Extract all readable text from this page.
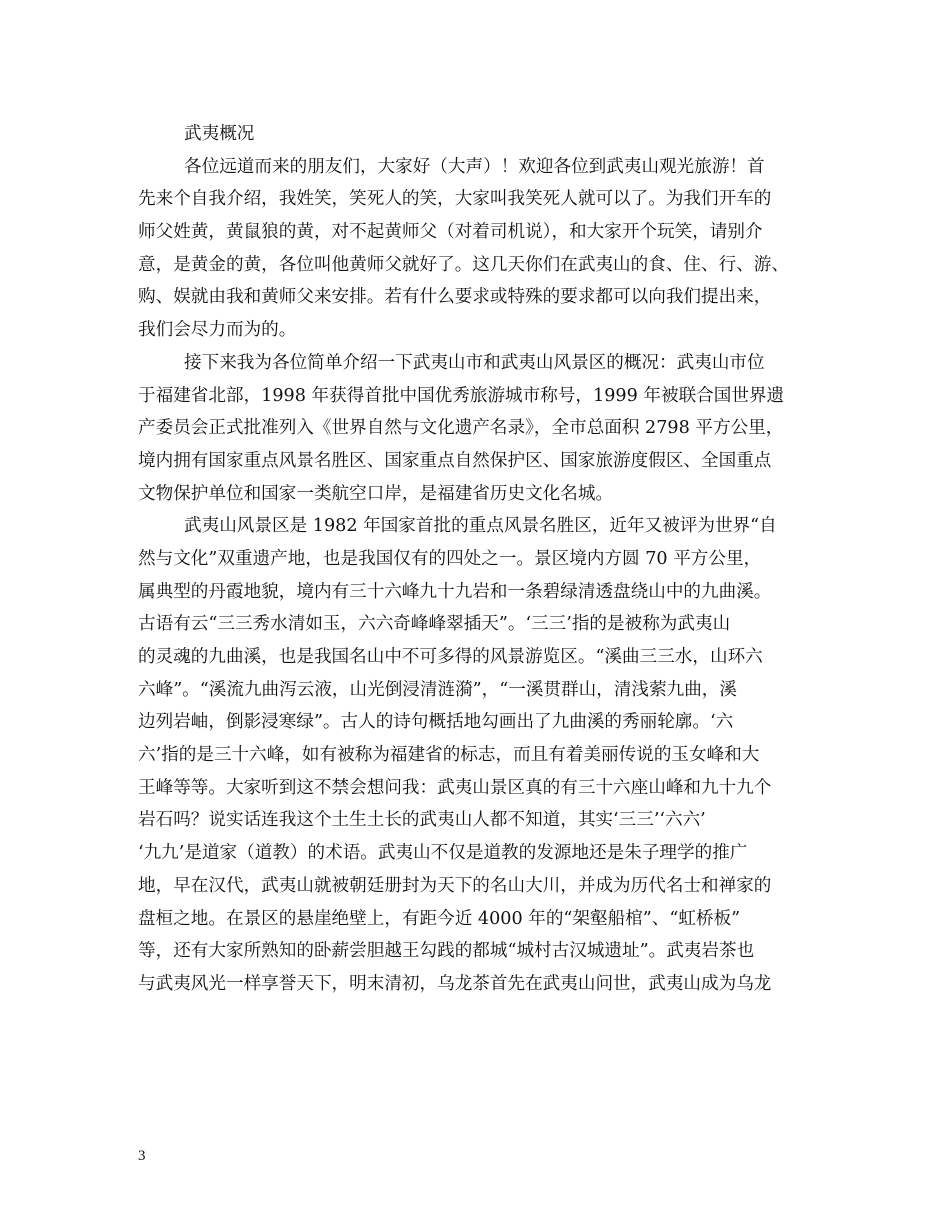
武夷概况
各位远道而来的朋友们，大家好（大声）！欢迎各位到武夷山观光旅游！首
先来个自我介绍，我姓笑，笑死人的笑，大家叫我笑死人就可以了。为我们开车的
师父姓黄，黄鼠狼的黄，对不起黄师父（对着司机说），和大家开个玩笑，请别介
意，是黄金的黄，各位叫他黄师父就好了。这几天你们在武夷山的食、住、行、游、
购、娱就由我和黄师父来安排。若有什么要求或特殊的要求都可以向我们提出来，
我们会尽力而为的。
接下来我为各位简单介绍一下武夷山市和武夷山风景区的概况：武夷山市位
于福建省北部，1998 年获得首批中国优秀旅游城市称号，1999 年被联合国世界遗
产委员会正式批准列入《世界自然与文化遗产名录》，全市总面积 2798 平方公里，
境内拥有国家重点风景名胜区、国家重点自然保护区、国家旅游度假区、全国重点
文物保护单位和国家一类航空口岸，是福建省历史文化名城。
武夷山风景区是 1982 年国家首批的重点风景名胜区，近年又被评为世界“自
然与文化”双重遗产地，也是我国仅有的四处之一。景区境内方圆 70 平方公里，
属典型的丹霞地貌，境内有三十六峰九十九岩和一条碧绿清透盘绕山中的九曲溪。
古语有云“三三秀水清如玉，六六奇峰峰翠插天”。‘三三’指的是被称为武夷山
的灵魂的九曲溪，也是我国名山中不可多得的风景游览区。“溪曲三三水，山环六
六峰”。“溪流九曲泻云液，山光倒浸清涟漪”，“一溪贯群山，清浅萦九曲，溪
边列岩岫，倒影浸寒绿”。古人的诗句概括地勾画出了九曲溪的秀丽轮廓。‘六
六’指的是三十六峰，如有被称为福建省的标志，而且有着美丽传说的玉女峰和大
王峰等等。大家听到这不禁会想问我：武夷山景区真的有三十六座山峰和九十九个
岩石吗？说实话连我这个土生土长的武夷山人都不知道，其实‘三三’‘六六’
‘九九’是道家（道教）的术语。武夷山不仅是道教的发源地还是朱子理学的推广
地，早在汉代，武夷山就被朝廷册封为天下的名山大川，并成为历代名士和禅家的
盘桓之地。在景区的悬崖绝壁上，有距今近 4000 年的“架壑船棺”、“虹桥板”
等，还有大家所熟知的卧薪尝胆越王勾践的都城“城村古汉城遗址”。武夷岩茶也
与武夷风光一样享誉天下，明末清初，乌龙茶首先在武夷山问世，武夷山成为乌龙
3
